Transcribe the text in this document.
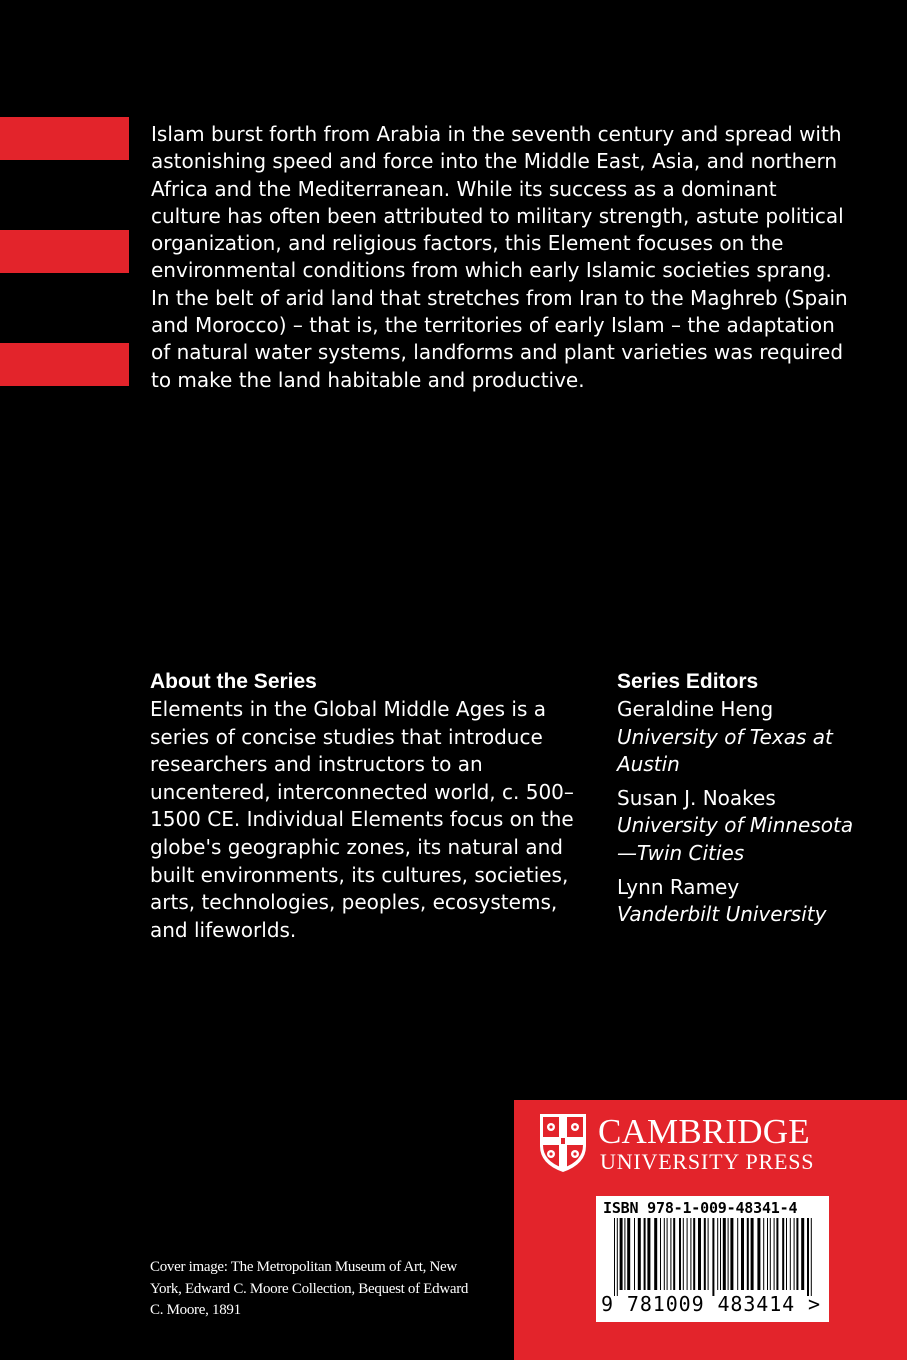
Islam burst forth from Arabia in the seventh century and spread with astonishing speed and force into the Middle East, Asia, and northern Africa and the Mediterranean. While its success as a dominant culture has often been attributed to military strength, astute political organization, and religious factors, this Element focuses on the environmental conditions from which early Islamic societies sprang. In the belt of arid land that stretches from Iran to the Maghreb (Spain and Morocco) – that is, the territories of early Islam – the adaptation of natural water systems, landforms and plant varieties was required to make the land habitable and productive.

About the Series

Elements in the Global Middle Ages is a series of concise studies that introduce researchers and instructors to an uncentered, interconnected world, c. 500–1500 CE. Individual Elements focus on the globe's geographic zones, its natural and built environments, its cultures, societies, arts, technologies, peoples, ecosystems, and lifeworlds.

Series Editors

Geraldine Heng
University of Texas at Austin
Susan J. Noakes
University of Minnesota—Twin Cities
Lynn Ramey
Vanderbilt University
Cover image: The Metropolitan Museum of Art, New York, Edward C. Moore Collection, Bequest of Edward C. Moore, 1891
CAMBRIDGE
UNIVERSITY PRESS
ISBN 978-1-009-48341-4
9 781009 483414 >
